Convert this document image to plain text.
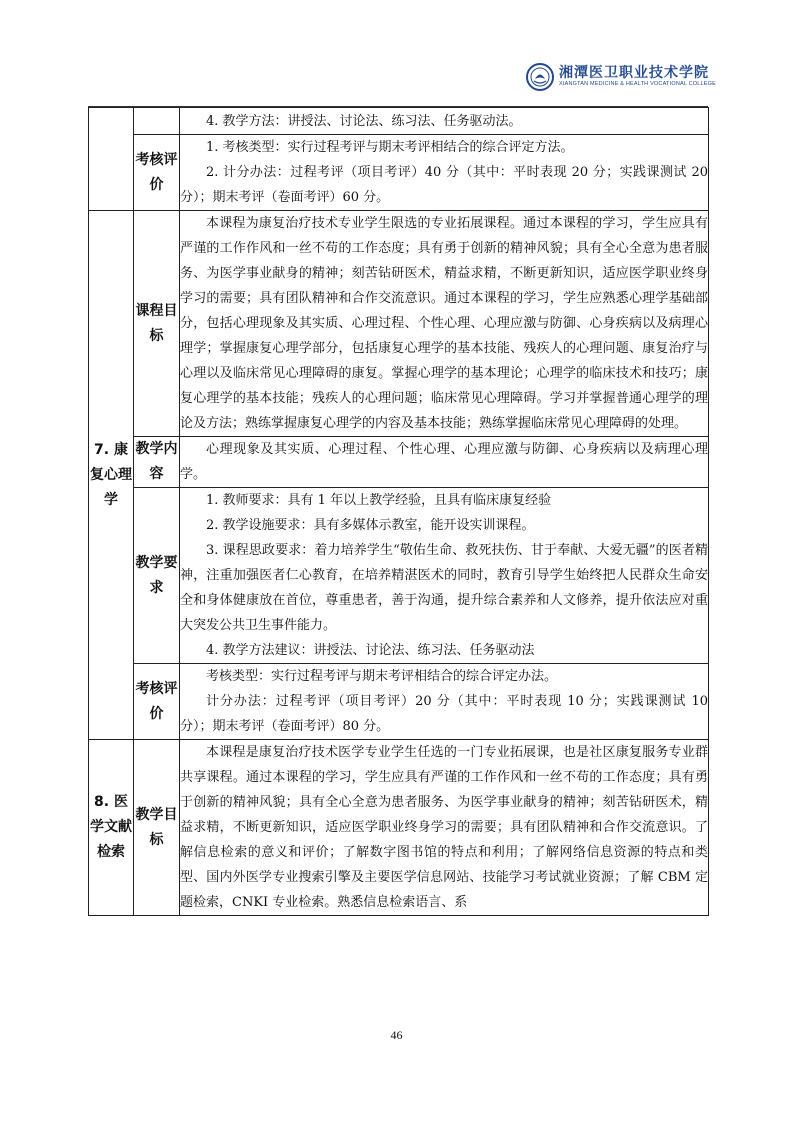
湘潭医卫职业技术学院
XIANGTAN MEDICINE & HEALTH VOCATIONAL COLLEGE

		4. 教学方法：讲授法、讨论法、练习法、任务驱动法。

	考核评价	1. 考核类型：实行过程考评与期末考评相结合的综合评定方法。

2. 计分办法：过程考评（项目考评）40 分（其中：平时表现 20 分；实践课测试 20 分）；期末考评（卷面考评）60 分。

7. 康复心理学	课程目标	本课程为康复治疗技术专业学生限选的专业拓展课程。通过本课程的学习，学生应具有严谨的工作作风和一丝不苟的工作态度；具有勇于创新的精神风貌；具有全心全意为患者服务、为医学事业献身的精神；刻苦钻研医术，精益求精，不断更新知识，适应医学职业终身学习的需要；具有团队精神和合作交流意识。通过本课程的学习，学生应熟悉心理学基础部分，包括心理现象及其实质、心理过程、个性心理、心理应激与防御、心身疾病以及病理心理学；掌握康复心理学部分，包括康复心理学的基本技能、残疾人的心理问题、康复治疗与心理以及临床常见心理障碍的康复。掌握心理学的基本理论；心理学的临床技术和技巧；康复心理学的基本技能；残疾人的心理问题；临床常见心理障碍。学习并掌握普通心理学的理论及方法；熟练掌握康复心理学的内容及基本技能；熟练掌握临床常见心理障碍的处理。

	教学内容	心理现象及其实质、心理过程、个性心理、心理应激与防御、心身疾病以及病理心理学。

	教学要求	1. 教师要求：具有 1 年以上教学经验，且具有临床康复经验

2. 教学设施要求：具有多媒体示教室，能开设实训课程。

3. 课程思政要求：着力培养学生“敬佑生命、救死扶伤、甘于奉献、大爱无疆”的医者精神，注重加强医者仁心教育，在培养精湛医术的同时，教育引导学生始终把人民群众生命安全和身体健康放在首位，尊重患者，善于沟通，提升综合素养和人文修养，提升依法应对重大突发公共卫生事件能力。

4. 教学方法建议：讲授法、讨论法、练习法、任务驱动法

	考核评价	考核类型：实行过程考评与期末考评相结合的综合评定办法。

计分办法：过程考评（项目考评）20 分（其中：平时表现 10 分；实践课测试 10 分）；期末考评（卷面考评）80 分。

8. 医学文献检索	教学目标	本课程是康复治疗技术医学专业学生任选的一门专业拓展课，也是社区康复服务专业群共享课程。通过本课程的学习，学生应具有严谨的工作作风和一丝不苟的工作态度；具有勇于创新的精神风貌；具有全心全意为患者服务、为医学事业献身的精神；刻苦钻研医术，精益求精，不断更新知识，适应医学职业终身学习的需要；具有团队精神和合作交流意识。了解信息检索的意义和评价；了解数字图书馆的特点和利用；了解网络信息资源的特点和类型、国内外医学专业搜索引擎及主要医学信息网站、技能学习考试就业资源；了解 CBM 定题检索，CNKI 专业检索。熟悉信息检索语言、系

46
